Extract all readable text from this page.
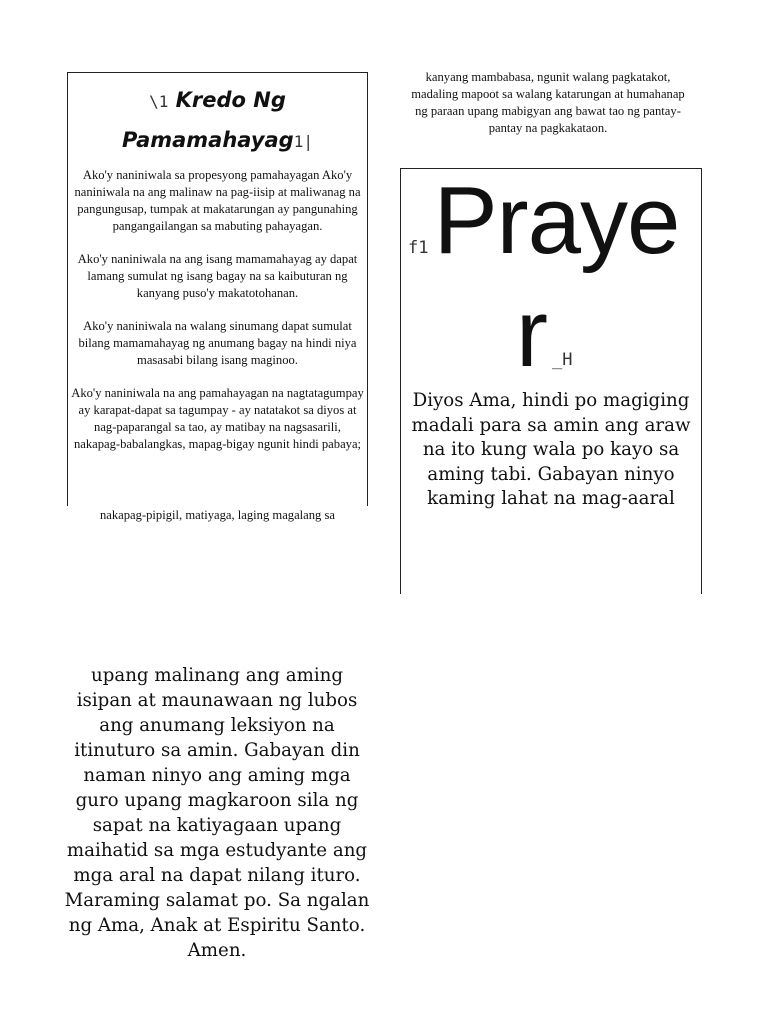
\1 Kredo Ng
Pamamahayag1|

Ako'y naniniwala sa propesyong pamahayagan Ako'y naniniwala na ang malinaw na pag-iisip at maliwanag na pangungusap, tumpak at makatarungan ay pangunahing pangangailangan sa mabuting pahayagan.

Ako'y naniniwala na ang isang mamamahayag ay dapat lamang sumulat ng isang bagay na sa kaibuturan ng kanyang puso'y makatotohanan.

Ako'y naniniwala na walang sinumang dapat sumulat bilang mamamahayag ng anumang bagay na hindi niya masasabi bilang isang maginoo.

Ako'y naniniwala na ang pamahayagan na nagtatagumpay ay karapat-dapat sa tagumpay - ay natatakot sa diyos at nag-paparangal sa tao, ay matibay na nagsasarili, nakapag-babalangkas, mapag-bigay ngunit hindi pabaya;

nakapag-pipigil, matiyaga, laging magalang sa
kanyang mambabasa, ngunit walang pagkatakot, madaling mapoot sa walang katarungan at humahanap ng paraan upang mabigyan ang bawat tao ng pantay-pantay na pagkakataon.
f1 Praye
r _H
Diyos Ama, hindi po magiging madali para sa amin ang araw na ito kung wala po kayo sa aming tabi. Gabayan ninyo kaming lahat na mag-aaral
upang malinang ang aming isipan at maunawaan ng lubos ang anumang leksiyon na itinuturo sa amin. Gabayan din naman ninyo ang aming mga guro upang magkaroon sila ng sapat na katiyagaan upang maihatid sa mga estudyante ang mga aral na dapat nilang ituro. Maraming salamat po. Sa ngalan ng Ama, Anak at Espiritu Santo. Amen.
